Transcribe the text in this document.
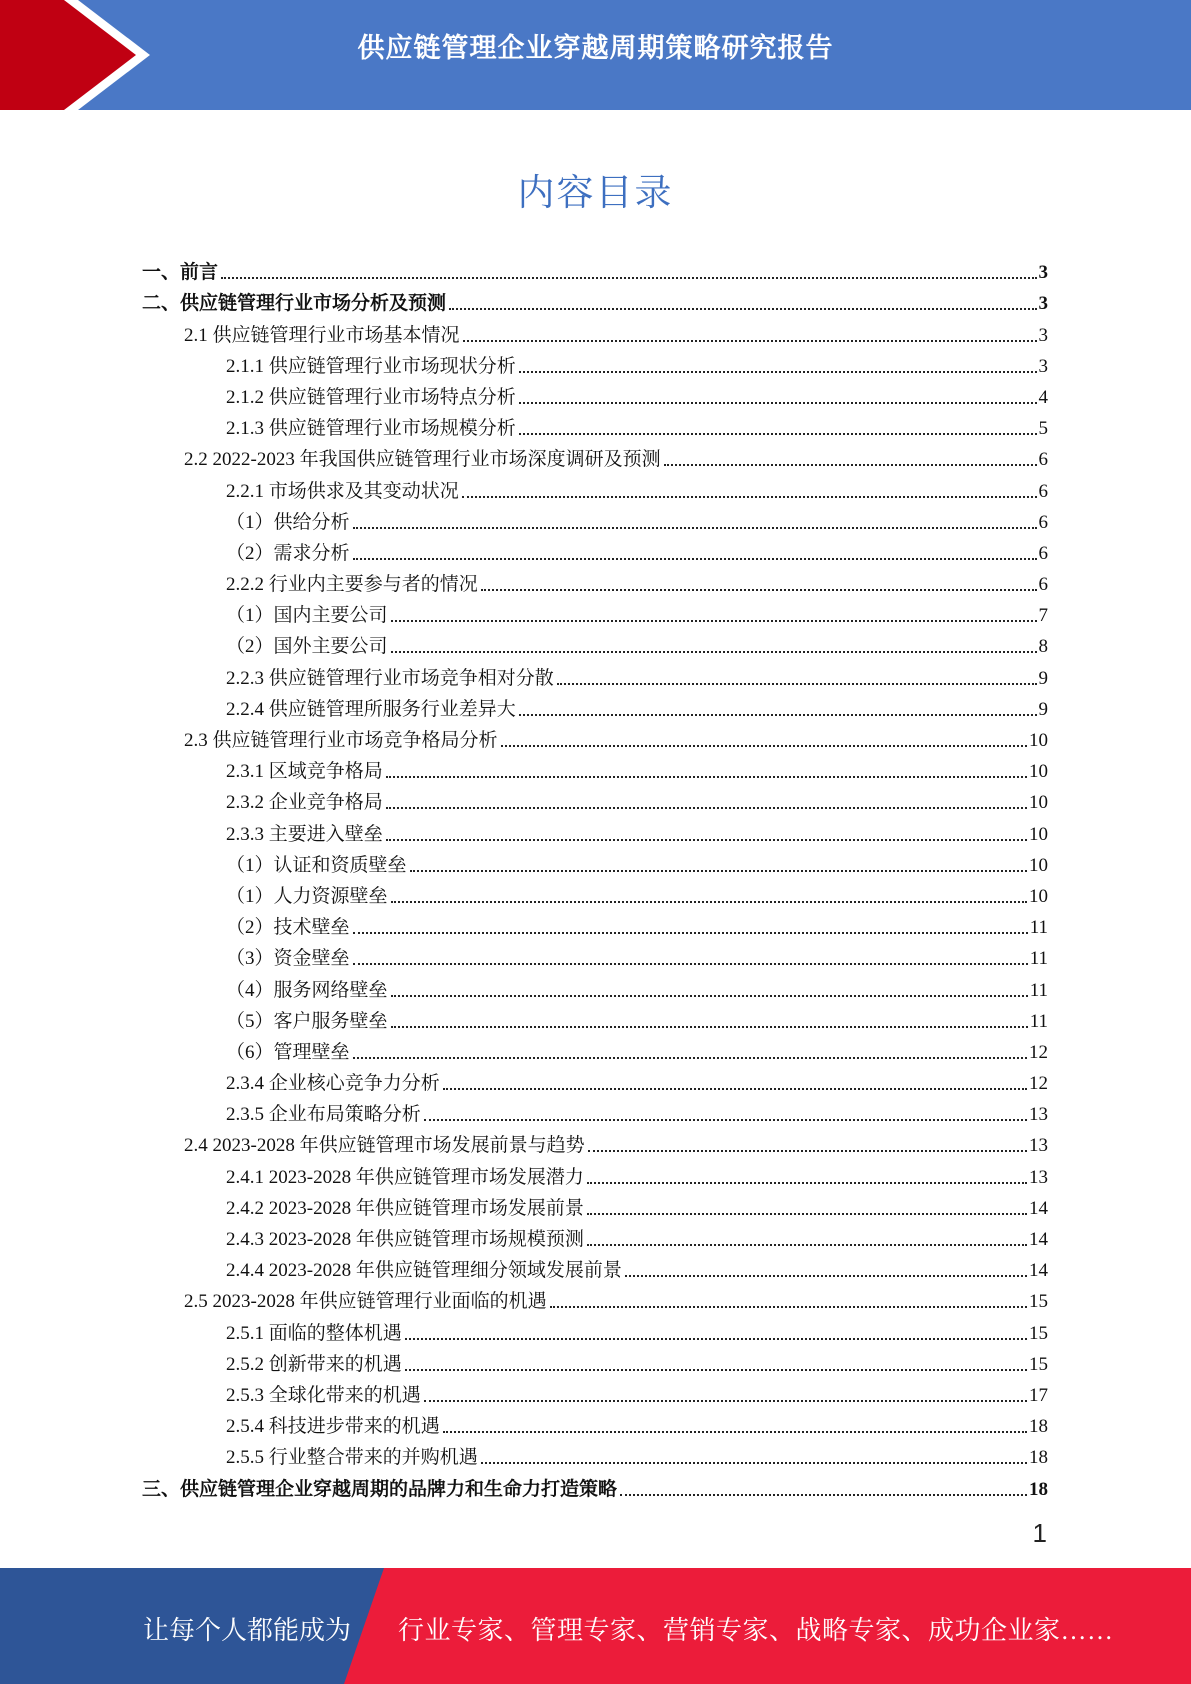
供应链管理企业穿越周期策略研究报告
内容目录
一、前言	3
二、供应链管理行业市场分析及预测	3
2.1 供应链管理行业市场基本情况	3
2.1.1 供应链管理行业市场现状分析	3
2.1.2 供应链管理行业市场特点分析	4
2.1.3 供应链管理行业市场规模分析	5
2.2 2022-2023 年我国供应链管理行业市场深度调研及预测	6
2.2.1 市场供求及其变动状况	6
（1）供给分析	6
（2）需求分析	6
2.2.2 行业内主要参与者的情况	6
（1）国内主要公司	7
（2）国外主要公司	8
2.2.3 供应链管理行业市场竞争相对分散	9
2.2.4 供应链管理所服务行业差异大	9
2.3 供应链管理行业市场竞争格局分析	10
2.3.1 区域竞争格局	10
2.3.2 企业竞争格局	10
2.3.3 主要进入壁垒	10
（1）认证和资质壁垒	10
（1）人力资源壁垒	10
（2）技术壁垒	11
（3）资金壁垒	11
（4）服务网络壁垒	11
（5）客户服务壁垒	11
（6）管理壁垒	12
2.3.4 企业核心竞争力分析	12
2.3.5 企业布局策略分析	13
2.4 2023-2028 年供应链管理市场发展前景与趋势	13
2.4.1 2023-2028 年供应链管理市场发展潜力	13
2.4.2 2023-2028 年供应链管理市场发展前景	14
2.4.3 2023-2028 年供应链管理市场规模预测	14
2.4.4 2023-2028 年供应链管理细分领域发展前景	14
2.5 2023-2028 年供应链管理行业面临的机遇	15
2.5.1 面临的整体机遇	15
2.5.2 创新带来的机遇	15
2.5.3 全球化带来的机遇	17
2.5.4 科技进步带来的机遇	18
2.5.5 行业整合带来的并购机遇	18
三、供应链管理企业穿越周期的品牌力和生命力打造策略	18
1
让每个人都能成为 行业专家、管理专家、营销专家、战略专家、成功企业家……
